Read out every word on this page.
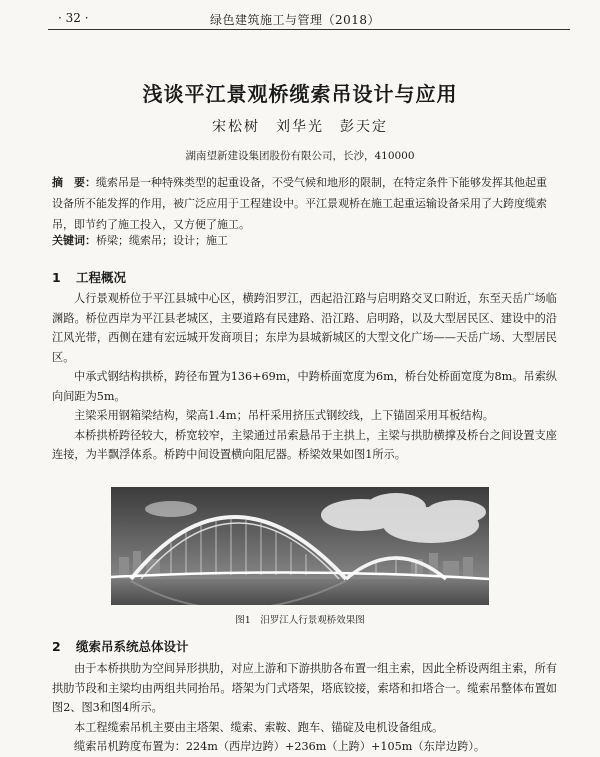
· 32 ·	绿色建筑施工与管理（2018）
浅谈平江景观桥缆索吊设计与应用
宋松树　刘华光　彭天定
湖南望新建设集团股份有限公司，长沙，410000
摘　要：缆索吊是一种特殊类型的起重设备，不受气候和地形的限制，在特定条件下能够发挥其他起重设备所不能发挥的作用，被广泛应用于工程建设中。平江景观桥在施工起重运输设备采用了大跨度缆索吊，即节约了施工投入，又方便了施工。
关键词：桥梁；缆索吊；设计；施工
1 工程概况

人行景观桥位于平江县城中心区，横跨汨罗江，西起沿江路与启明路交叉口附近，东至天岳广场临渊路。桥位西岸为平江县老城区，主要道路有民建路、沿江路、启明路，以及大型居民区、建设中的沿江风光带，西侧在建有宏远城开发商项目；东岸为县城新城区的大型文化广场——天岳广场、大型居民区。

中承式钢结构拱桥，跨径布置为136+69m，中跨桥面宽度为6m，桥台处桥面宽度为8m。吊索纵向间距为5m。

主梁采用钢箱梁结构，梁高1.4m；吊杆采用挤压式钢绞线，上下锚固采用耳板结构。

本桥拱桥跨径较大，桥宽较窄，主梁通过吊索悬吊于主拱上，主梁与拱肋横撑及桥台之间设置支座连接，为半飘浮体系。桥跨中间设置横向阻尼器。桥梁效果如图1所示。

图1　汨罗江人行景观桥效果图
2 缆索吊系统总体设计

由于本桥拱肋为空间异形拱肋，对应上游和下游拱肋各布置一组主索，因此全桥设两组主索，所有拱肋节段和主梁均由两组共同抬吊。塔架为门式塔架，塔底铰接，索塔和扣塔合一。缆索吊整体布置如图2、图3和图4所示。

本工程缆索吊机主要由主塔架、缆索、索鞍、跑车、锚碇及电机设备组成。

缆索吊机跨度布置为：224m（西岸边跨）+236m（上跨）+105m（东岸边跨）。
